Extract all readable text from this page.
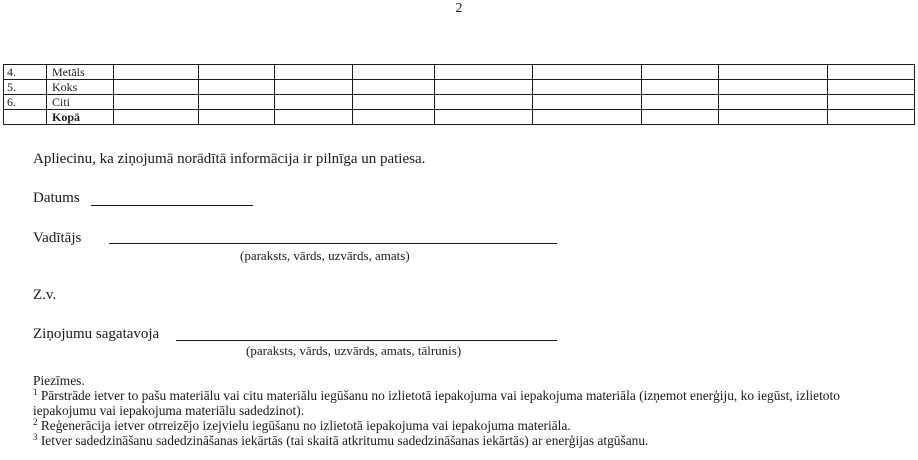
2
4.	Metāls									
5.	Koks									
6.	Citi									
	Kopā									
Apliecinu, ka ziņojumā norādītā informācija ir pilnīga un patiesa.
Datums
Vadītājs
(paraksts, vārds, uzvārds, amats)
Z.v.
Ziņojumu sagatavoja
(paraksts, vārds, uzvārds, amats, tālrunis)

Piezīmes.

$^1$ Pārstrāde ietver to pašu materiālu vai citu materiālu iegūšanu no izlietotā iepakojuma vai iepakojuma materiāla (izņemot enerģiju, ko iegūst, izlietoto iepakojumu vai iepakojuma materiālu sadedzinot).

$^2$ Reģenerācija ietver otrreizējo izejvielu iegūšanu no izlietotā iepakojuma vai iepakojuma materiāla.

$^3$ Ietver sadedzināšanu sadedzināšanas iekārtās (tai skaitā atkritumu sadedzināšanas iekārtās) ar enerģijas atgūšanu.
